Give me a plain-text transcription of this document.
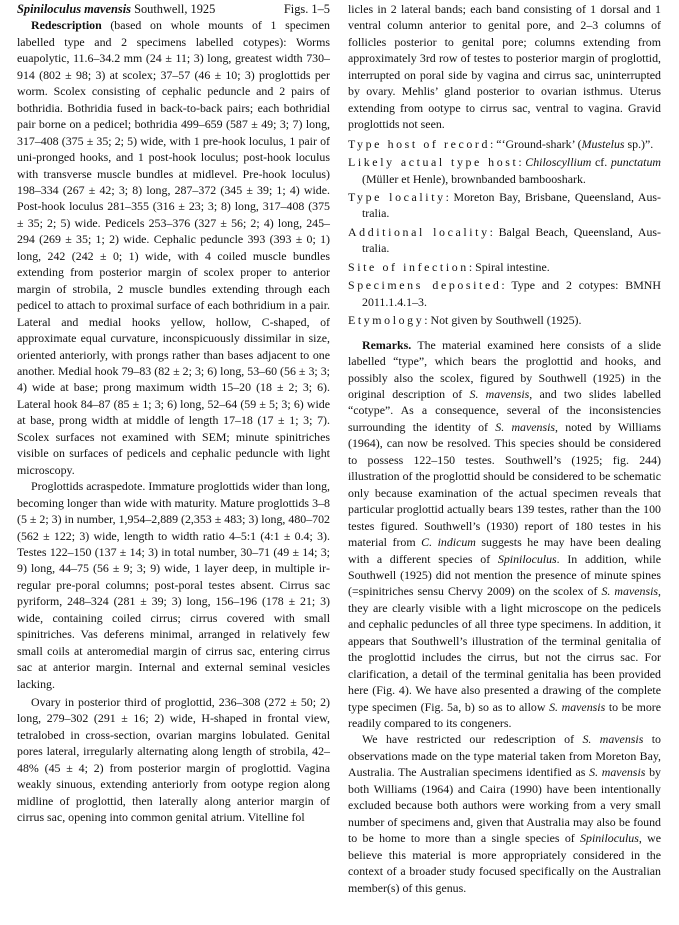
Spiniloculus mavensis Southwell, 1925	Figs. 1–5

Redescription (based on whole mounts of 1 specimen labelled type and 2 specimens labelled cotypes): Worms euapolytic, 11.6–34.2 mm (24 ± 11; 3) long, greatest width 730–914 (802 ± 98; 3) at scolex; 37–57 (46 ± 10; 3) proglottids per worm. Scolex consisting of cephalic peduncle and 2 pairs of bothridia. Bothridia fused in back-to-back pairs; each bothridial pair borne on a pedicel; bothridia 499–659 (587 ± 49; 3; 7) long, 317–408 (375 ± 35; 2; 5) wide, with 1 pre-hook loculus, 1 pair of uni-pronged hooks, and 1 post-hook loculus; post-hook loculus with transverse muscle bundles at midlevel. Pre-hook loculus) 198–334 (267 ± 42; 3; 8) long, 287–372 (345 ± 39; 1; 4) wide. Post-hook loculus 281–355 (316 ± 23; 3; 8) long, 317–408 (375 ± 35; 2; 5) wide. Pedicels 253–376 (327 ± 56; 2; 4) long, 245–294 (269 ± 35; 1; 2) wide. Cephalic peduncle 393 (393 ± 0; 1) long, 242 (242 ± 0; 1) wide, with 4 coiled muscle bundles extending from posterior margin of scolex proper to anterior margin of strobila, 2 muscle bundles extending through each pedicel to attach to proximal surface of each bothridium in a pair. Lateral and medial hooks yellow, hollow, C-shaped, of approximate equal curvature, inconspicuously dissimilar in size, oriented anteriorly, with prongs rather than bases adjacent to one another. Medial hook 79–83 (82 ± 2; 3; 6) long, 53–60 (56 ± 3; 3; 4) wide at base; prong maximum width 15–20 (18 ± 2; 3; 6). Lateral hook 84–87 (85 ± 1; 3; 6) long, 52–64 (59 ± 5; 3; 6) wide at base, prong width at middle of length 17–18 (17 ± 1; 3; 7). Scolex surfaces not examined with SEM; minute spinitriches visible on surfaces of pedicels and cephalic peduncle with light microscopy.

Proglottids acraspedote. Immature proglottids wider than long, becoming longer than wide with maturity. Mature proglottids 3–8 (5 ± 2; 3) in number, 1,954–2,889 (2,353 ± 483; 3) long, 480–702 (562 ± 122; 3) wide, length to width ratio 4–5:1 (4:1 ± 0.4; 3). Testes 122–150 (137 ± 14; 3) in total number, 30–71 (49 ± 14; 3; 9) long, 44–75 (56 ± 9; 3; 9) wide, 1 layer deep, in multiple irregular pre-poral columns; post-poral testes absent. Cirrus sac pyriform, 248–324 (281 ± 39; 3) long, 156–196 (178 ± 21; 3) wide, containing coiled cirrus; cirrus covered with small spinitriches. Vas deferens minimal, arranged in relatively few small coils at anteromedial margin of cirrus sac, entering cirrus sac at anterior margin. Internal and external seminal vesicles lacking.

Ovary in posterior third of proglottid, 236–308 (272 ± 50; 2) long, 279–302 (291 ± 16; 2) wide, H-shaped in frontal view, tetralobed in cross-section, ovarian margins lobulated. Genital pores lateral, irregularly alternating along length of strobila, 42–48% (45 ± 4; 2) from posterior margin of proglottid. Vagina weakly sinuous, extending anteriorly from ootype region along midline of proglottid, then laterally along anterior margin of cirrus sac, opening into common genital atrium. Vitelline fol

licles in 2 lateral bands; each band consisting of 1 dorsal and 1 ventral column anterior to genital pore, and 2–3 columns of follicles posterior to genital pore; columns extending from approximately 3rd row of testes to posterior margin of proglottid, interrupted on poral side by vagina and cirrus sac, uninterrupted by ovary. Mehlis’ gland posterior to ovarian isthmus. Uterus extending from ootype to cirrus sac, ventral to vagina. Gravid proglottids not seen.

Type host of record: “‘Ground-shark’ (Mustelus sp.)”.

Likely actual type host: Chiloscyllium cf. punctatum (Müller et Henle), brownbanded bambooshark.

Type locality: Moreton Bay, Brisbane, Queensland, Australia.

Additional locality: Balgal Beach, Queensland, Australia.

Site of infection: Spiral intestine.

Specimens deposited: Type and 2 cotypes: BMNH 2011.1.4.1–3.

Etymology: Not given by Southwell (1925).

Remarks. The material examined here consists of a slide labelled “type”, which bears the proglottid and hooks, and possibly also the scolex, figured by Southwell (1925) in the original description of S. mavensis, and two slides labelled “cotype”. As a consequence, several of the inconsistencies surrounding the identity of S. mavensis, noted by Williams (1964), can now be resolved. This species should be considered to possess 122–150 testes. Southwell’s (1925; fig. 244) illustration of the proglottid should be considered to be schematic only because examination of the actual specimen reveals that particular proglottid actually bears 139 testes, rather than the 100 testes figured. Southwell’s (1930) report of 180 testes in his material from C. indicum suggests he may have been dealing with a different species of Spiniloculus. In addition, while Southwell (1925) did not mention the presence of minute spines (=spinitriches sensu Chervy 2009) on the scolex of S. mavensis, they are clearly visible with a light microscope on the pedicels and cephalic peduncles of all three type specimens. In addition, it appears that Southwell’s illustration of the terminal genitalia of the proglottid includes the cirrus, but not the cirrus sac. For clarification, a detail of the terminal genitalia has been provided here (Fig. 4). We have also presented a drawing of the complete type specimen (Fig. 5a, b) so as to allow S. mavensis to be more readily compared to its congeners.

We have restricted our redescription of S. mavensis to observations made on the type material taken from Moreton Bay, Australia. The Australian specimens identified as S. mavensis by both Williams (1964) and Caira (1990) have been intentionally excluded because both authors were working from a very small number of specimens and, given that Australia may also be found to be home to more than a single species of Spiniloculus, we believe this material is more appropriately considered in the context of a broader study focused specifically on the Australian member(s) of this genus.
